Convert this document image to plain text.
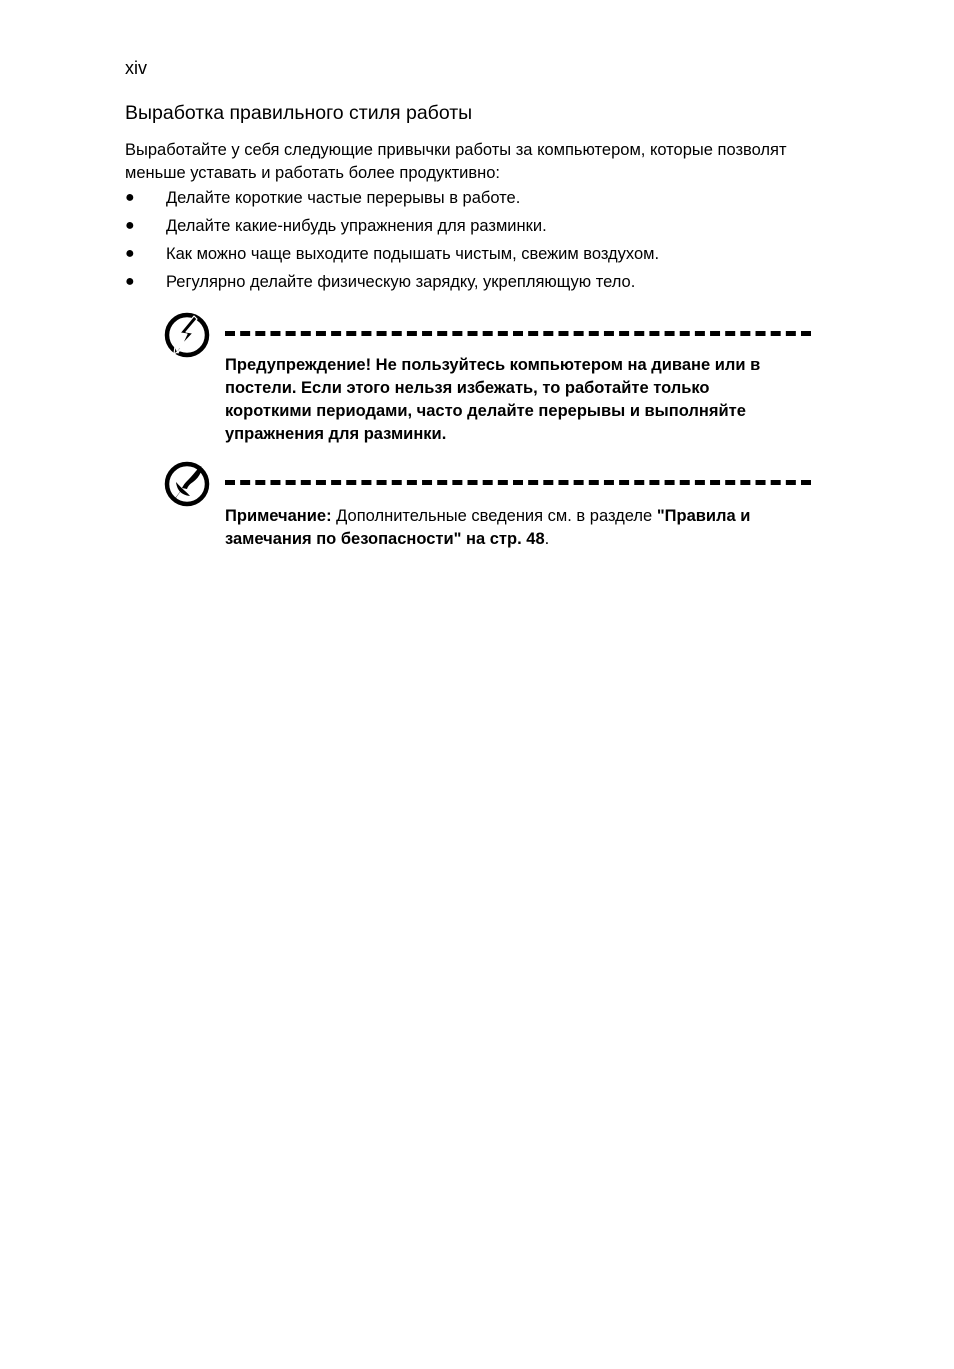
xiv
Выработка правильного стиля работы

Выработайте у себя следующие привычки работы за компьютером, которые позволят меньше уставать и работать более продуктивно:

● Делайте короткие частые перерывы в работе.
● Делайте какие-нибудь упражнения для разминки.
● Как можно чаще выходите подышать чистым, свежим воздухом.
● Регулярно делайте физическую зарядку, укрепляющую тело.

Предупреждение! Не пользуйтесь компьютером на диване или в постели. Если этого нельзя избежать, то работайте только короткими периодами, часто делайте перерывы и выполняйте упражнения для разминки.

Примечание: Дополнительные сведения см. в разделе "Правила и замечания по безопасности" на стр. 48.
